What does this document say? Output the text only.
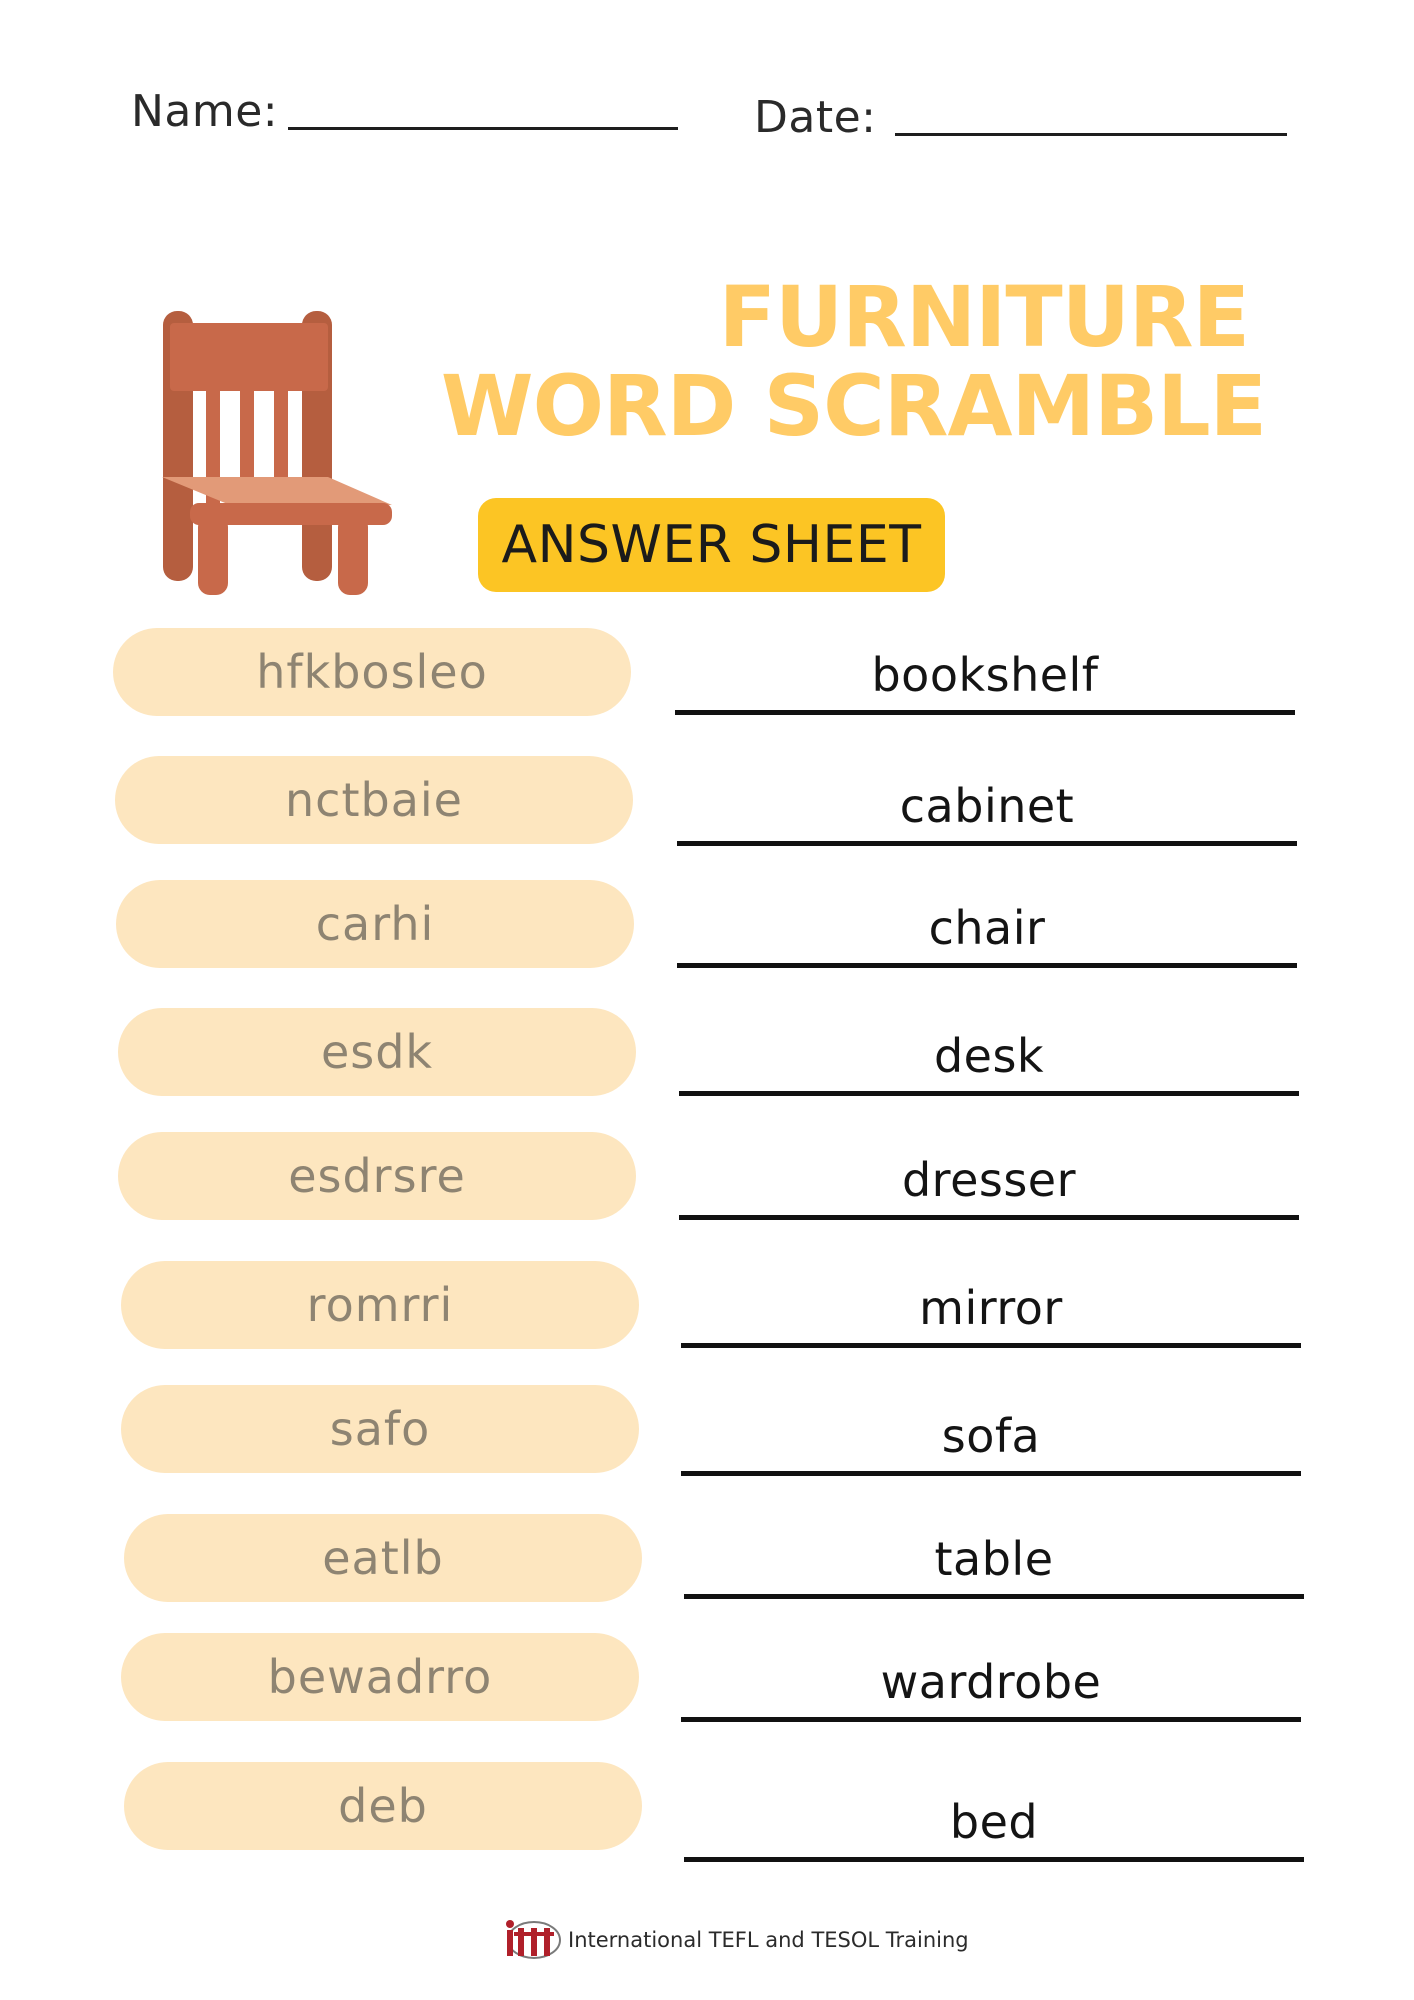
Name:	Date:
FURNITURE
WORD SCRAMBLE
ANSWER SHEET
hfkbosleo	bookshelf
nctbaie	cabinet
carhi	chair
esdk	desk
esdrsre	dresser
romrri	mirror
safo	sofa
eatlb	table
bewadrro	wardrobe
deb	bed
International TEFL and TESOL Training
